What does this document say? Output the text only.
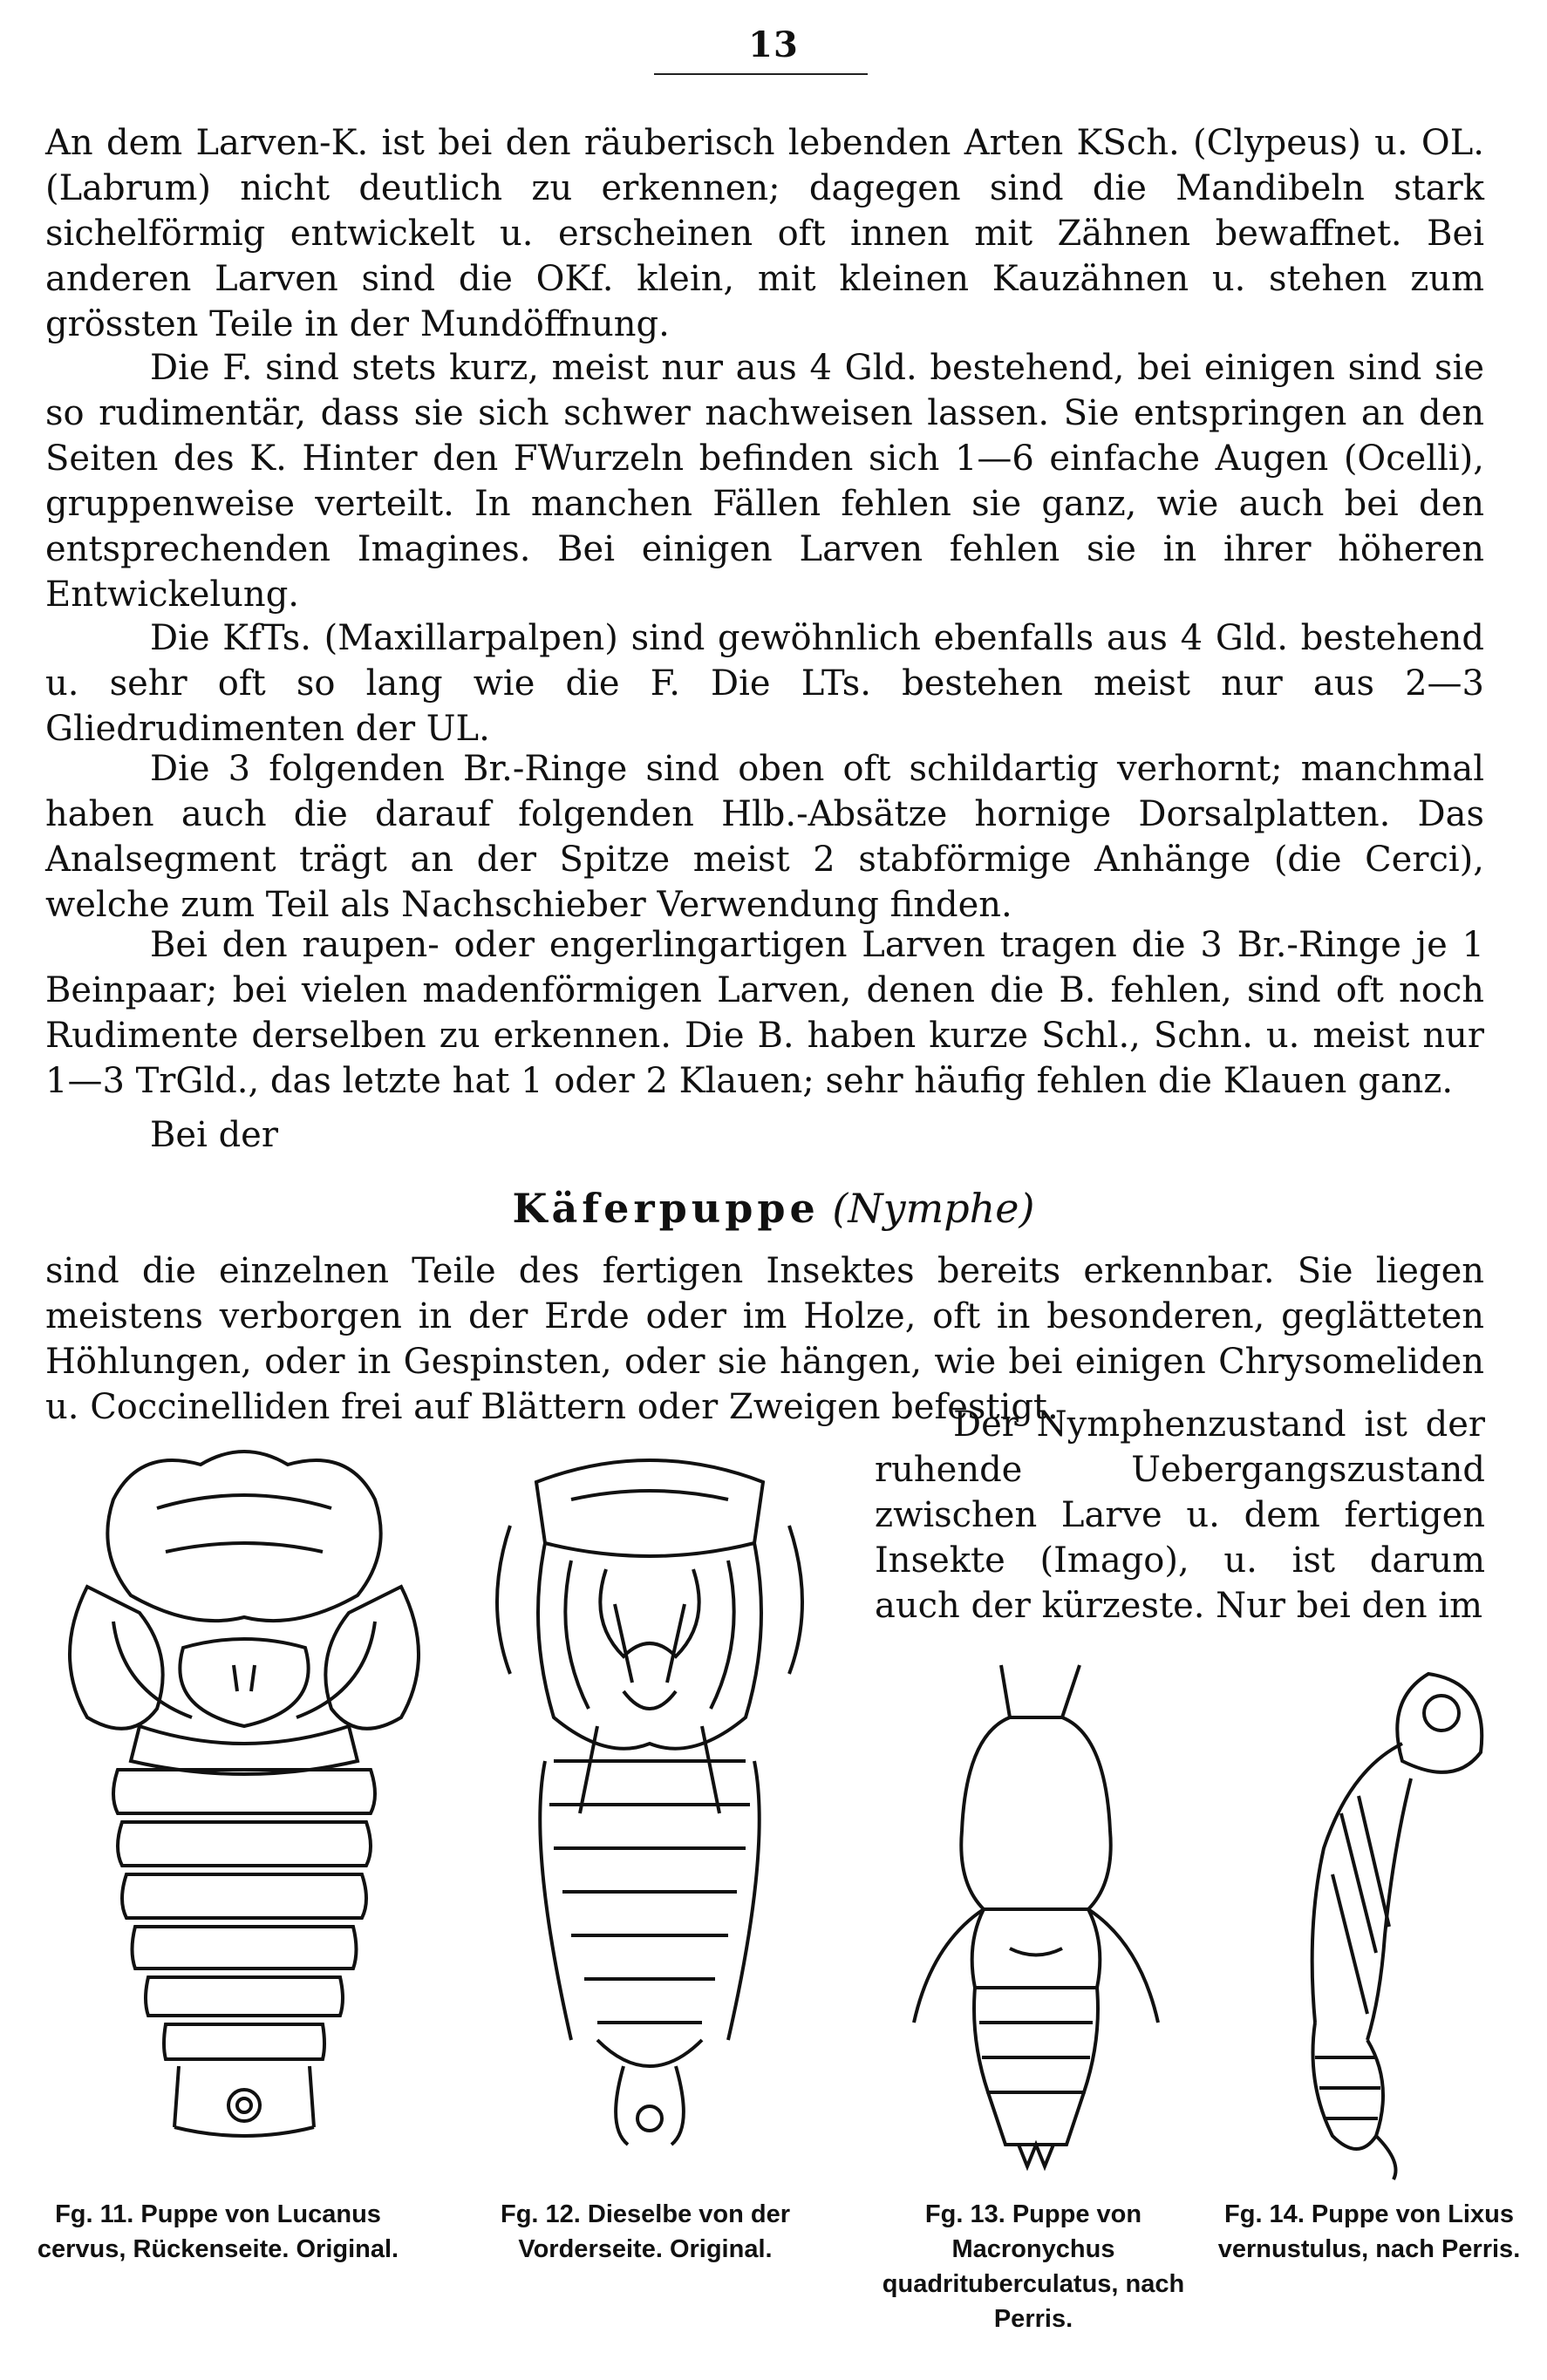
13
An dem Larven-K. ist bei den räuberisch lebenden Arten KSch. (Clypeus) u. OL. (Labrum) nicht deutlich zu erkennen; dagegen sind die Mandibeln stark sichelförmig entwickelt u. erscheinen oft innen mit Zähnen bewaffnet. Bei anderen Larven sind die OKf. klein, mit kleinen Kauzähnen u. stehen zum grössten Teile in der Mundöffnung.
Die F. sind stets kurz, meist nur aus 4 Gld. bestehend, bei einigen sind sie so rudimentär, dass sie sich schwer nachweisen lassen. Sie entspringen an den Seiten des K. Hinter den FWurzeln befinden sich 1—6 einfache Augen (Ocelli), gruppenweise verteilt. In manchen Fällen fehlen sie ganz, wie auch bei den entsprechenden Imagines. Bei einigen Larven fehlen sie in ihrer höheren Entwickelung.
Die KfTs. (Maxillarpalpen) sind gewöhnlich ebenfalls aus 4 Gld. bestehend u. sehr oft so lang wie die F. Die LTs. bestehen meist nur aus 2—3 Gliedrudimenten der UL.
Die 3 folgenden Br.-Ringe sind oben oft schildartig verhornt; manchmal haben auch die darauf folgenden Hlb.-Absätze hornige Dorsalplatten. Das Analsegment trägt an der Spitze meist 2 stabförmige Anhänge (die Cerci), welche zum Teil als Nachschieber Verwendung finden.
Bei den raupen- oder engerlingartigen Larven tragen die 3 Br.-Ringe je 1 Beinpaar; bei vielen madenförmigen Larven, denen die B. fehlen, sind oft noch Rudimente derselben zu erkennen. Die B. haben kurze Schl., Schn. u. meist nur 1—3 TrGld., das letzte hat 1 oder 2 Klauen; sehr häufig fehlen die Klauen ganz.
Bei der
Käferpuppe (Nymphe)
sind die einzelnen Teile des fertigen Insektes bereits erkennbar. Sie liegen meistens verborgen in der Erde oder im Holze, oft in besonderen, geglätteten Höhlungen, oder in Gespinsten, oder sie hängen, wie bei einigen Chrysomeliden u. Coccinelliden frei auf Blättern oder Zweigen befestigt.
Der Nymphenzustand ist der ruhende Uebergangszustand zwischen Larve u. dem fertigen Insekte (Imago), u. ist darum auch der kürzeste. Nur bei den im
Fg. 11. Puppe von Lucanus cervus, Rückenseite. Original.
Fg. 12. Dieselbe von der Vorderseite. Original.
Fg. 13. Puppe von Macronychus quadrituberculatus, nach Perris.
Fg. 14. Puppe von Lixus vernustulus, nach Perris.
